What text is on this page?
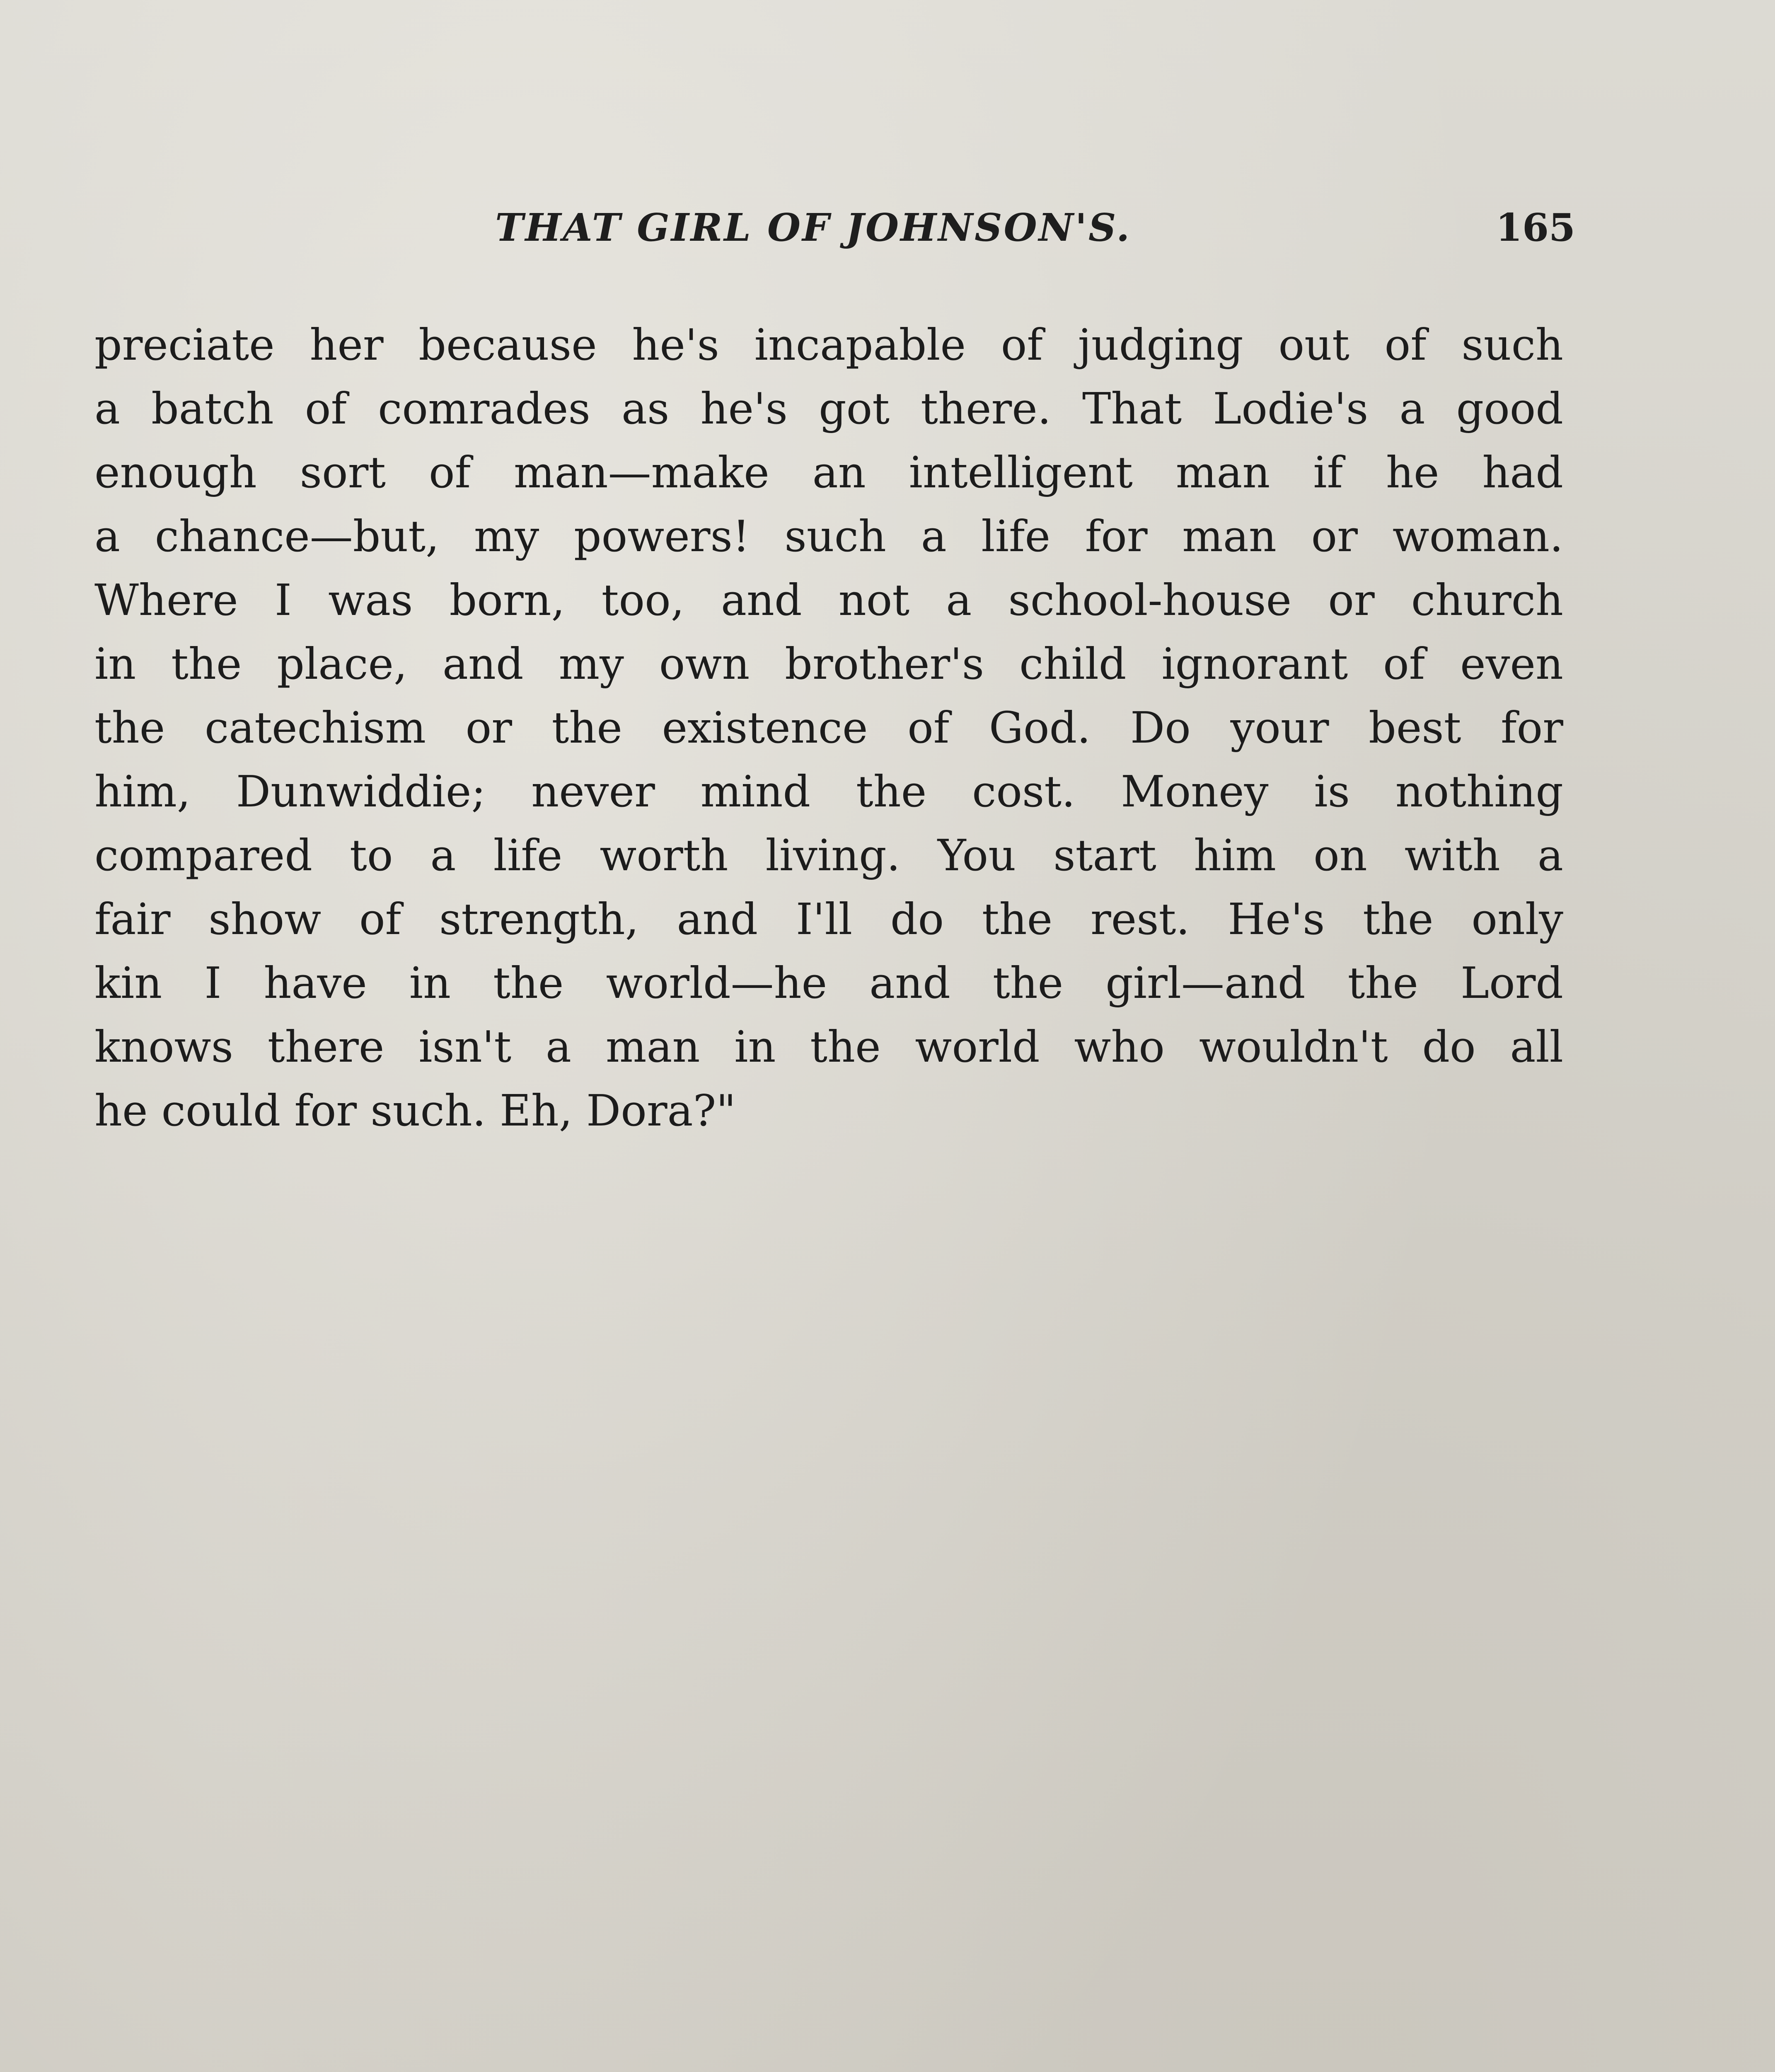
THAT GIRL OF JOHNSON'S.	165
preciate her because he's incapable of judging out of such
a batch of comrades as he's got there. That Lodie's a good
enough sort of man—make an intelligent man if he had
a chance—but, my powers! such a life for man or woman.
Where I was born, too, and not a school-house or church
in the place, and my own brother's child ignorant of even
the catechism or the existence of God. Do your best for
him, Dunwiddie; never mind the cost. Money is nothing
compared to a life worth living. You start him on with a
fair show of strength, and I'll do the rest. He's the only
kin I have in the world—he and the girl—and the Lord
knows there isn't a man in the world who wouldn't do all
he could for such. Eh, Dora?"
